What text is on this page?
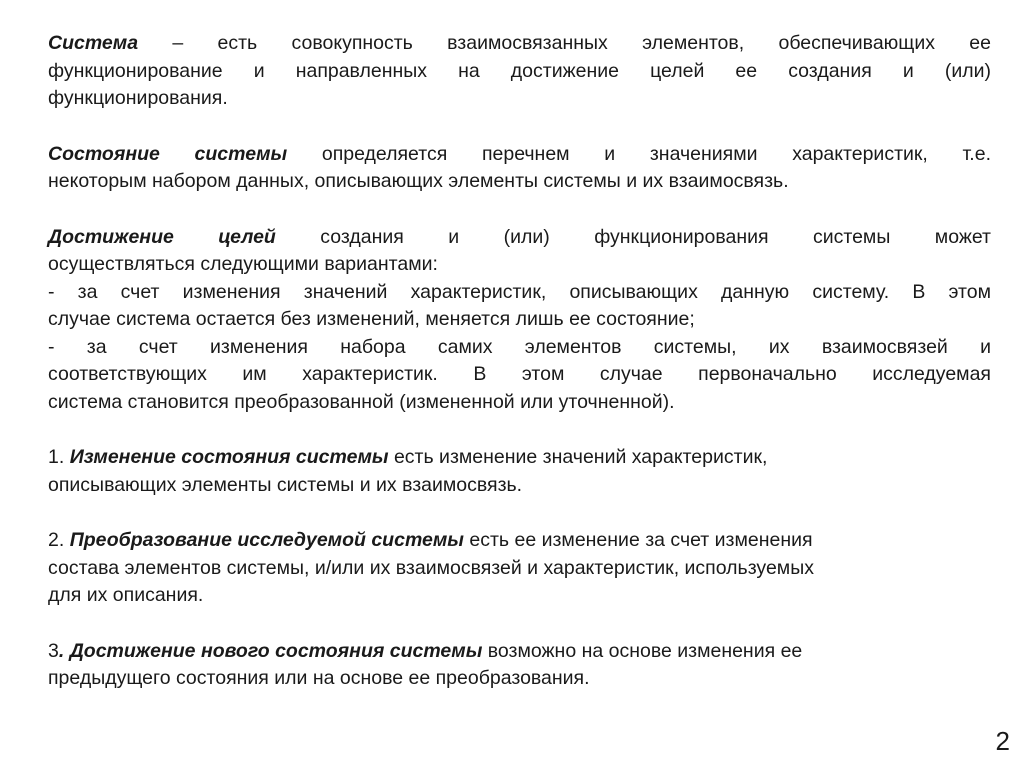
Система – есть совокупность взаимосвязанных элементов, обеспечивающих ее
функционирование и направленных на достижение целей ее создания и (или)
функционирования.
Состояние системы определяется перечнем и значениями характеристик, т.е.
некоторым набором данных, описывающих элементы системы и их взаимосвязь.
Достижение целей создания и (или) функционирования системы может
осуществляться следующими вариантами:
- за счет изменения значений характеристик, описывающих данную систему. В этом
случае система остается без изменений, меняется лишь ее состояние;
- за счет изменения набора самих элементов системы, их взаимосвязей и
соответствующих им характеристик. В этом случае первоначально исследуемая
система становится преобразованной (измененной или уточненной).
1. Изменение состояния системы есть изменение значений характеристик,
описывающих элементы системы и их взаимосвязь.
2. Преобразование исследуемой системы есть ее изменение за счет изменения
состава элементов системы, и/или их взаимосвязей и характеристик, используемых
для их описания.
3. Достижение нового состояния системы возможно на основе изменения ее
предыдущего состояния или на основе ее преобразования.
2
